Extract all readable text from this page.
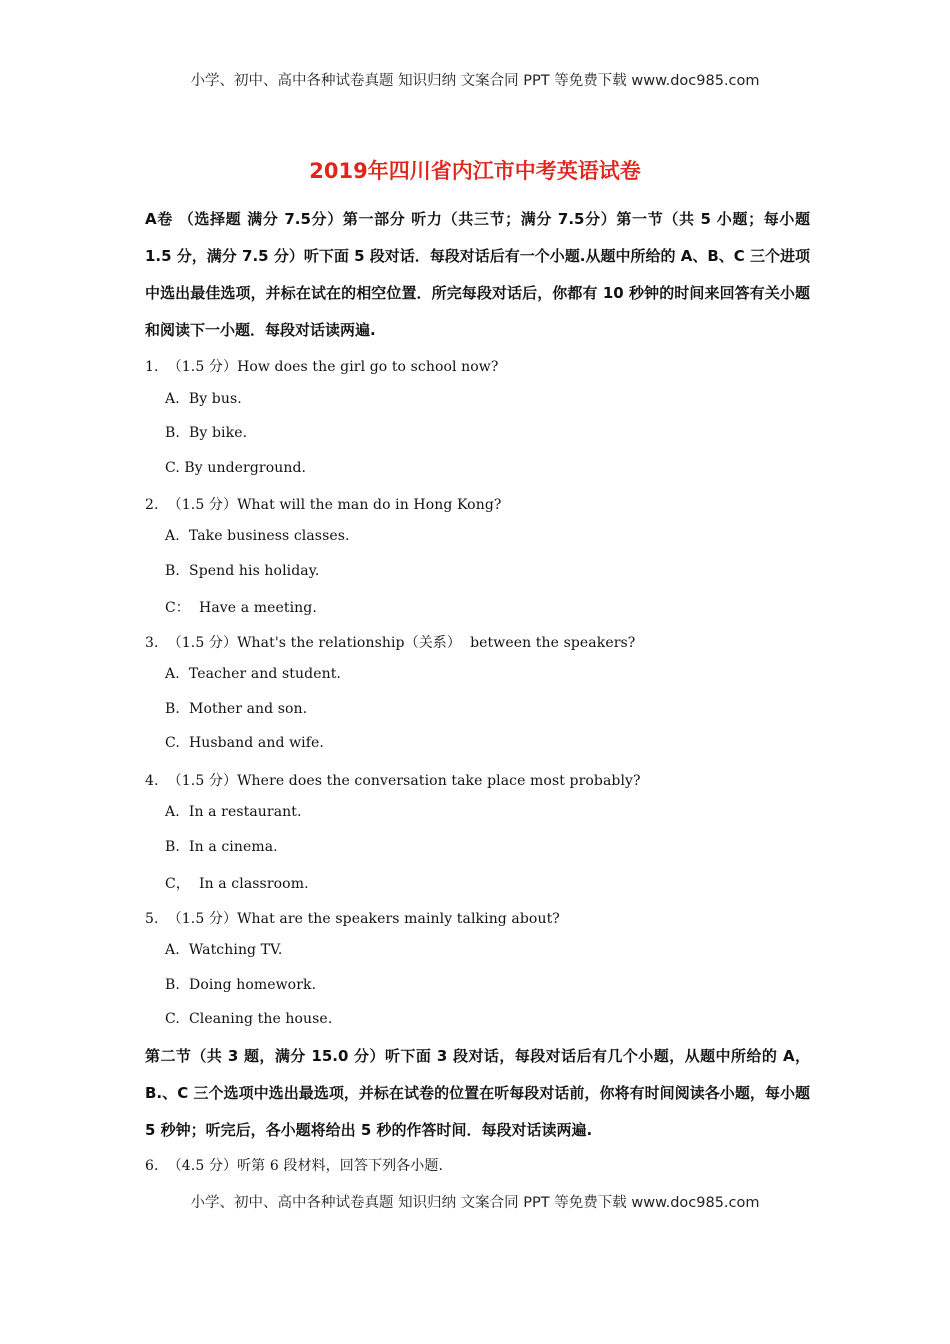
小学、初中、高中各种试卷真题 知识归纳 文案合同 PPT 等免费下载 www.doc985.com
2019年四川省内江市中考英语试卷
A卷 （选择题 满分 7.5分）第一部分 听力（共三节；满分 7.5分）第一节（共 5 小题；每小题 1.5 分，满分 7.5 分）听下面 5 段对话．每段对话后有一个小题.从题中所给的 A、B、C 三个进项中选出最佳选项，并标在试在的相空位置．所完每段对话后，你都有 10 秒钟的时间来回答有关小题和阅读下一小题．每段对话读两遍.
1.  （1.5 分）How does the girl go to school now?
A.  By bus.
B.  By bike.
C. By underground.
2.  （1.5 分）What will the man do in Hong Kong?
A.  Take business classes.
B.  Spend his holiday.
C：  Have a meeting.
3.  （1.5 分）What's the relationship（关系）  between the speakers?
A.  Teacher and student.
B.  Mother and son.
C.  Husband and wife.
4.  （1.5 分）Where does the conversation take place most probably?
A.  In a restaurant.
B.  In a cinema.
C，  In a classroom.
5.  （1.5 分）What are the speakers mainly talking about?
A.  Watching TV.
B.  Doing homework.
C.  Cleaning the house.
第二节（共 3 题，满分 15.0 分）听下面 3 段对话，每段对话后有几个小题，从题中所给的 A，B.、C 三个选项中选出最选项，并标在试卷的位置在听每段对话前，你将有时间阅读各小题，每小题 5 秒钟；听完后，各小题将给出 5 秒的作答时间．每段对话读两遍.
6.  （4.5 分）听第 6 段材料，回答下列各小题.
小学、初中、高中各种试卷真题 知识归纳 文案合同 PPT 等免费下载 www.doc985.com
